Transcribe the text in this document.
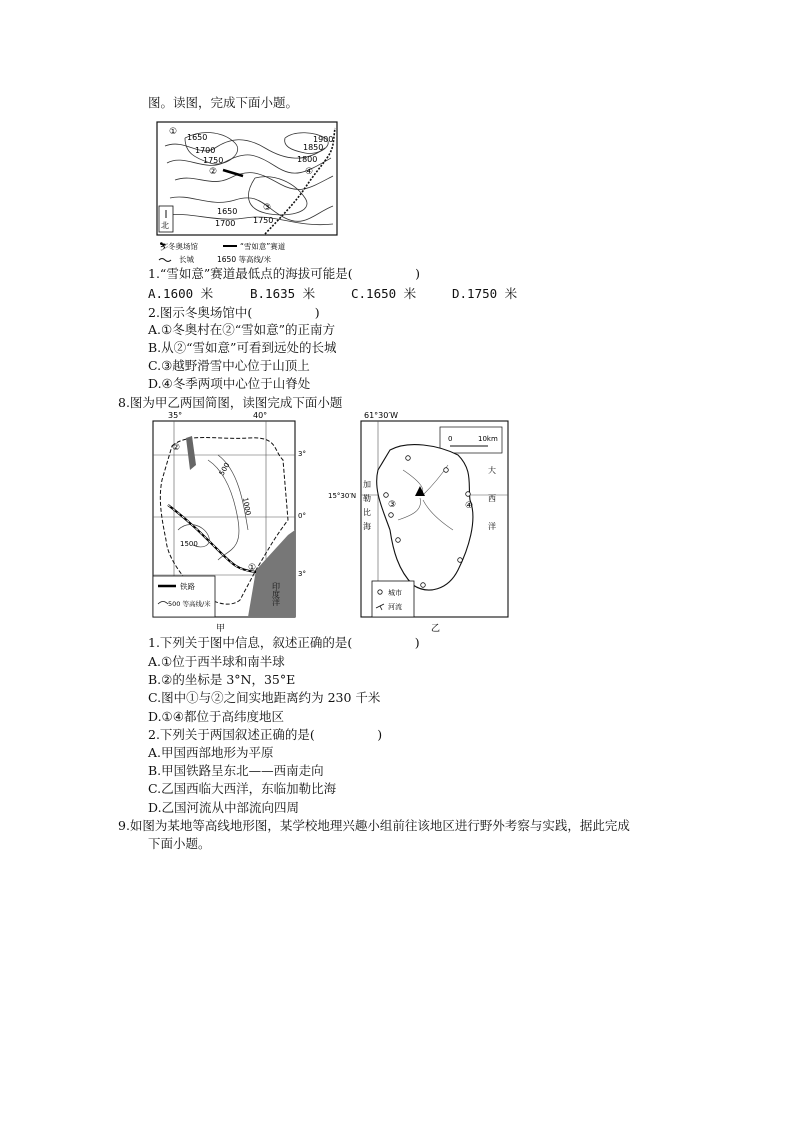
图。读图，完成下面小题。
北
1650
1700
1750
1850
1900
1800
1650
1700 1750
①
②
③
④
⛷
冬奥场馆	“雪如意”赛道
长城	1650 等高线/米
1.“雪如意”赛道最低点的海拔可能是(　　　　　)
A.1600 米	B.1635 米	C.1650 米	D.1750 米
2.图示冬奥场馆中(　　　　　)
A.①冬奥村在②“雪如意”的正南方
B.从②“雪如意”可看到远处的长城
C.③越野滑雪中心位于山顶上
D.④冬季两项中心位于山脊处
8.图为甲乙两国简图，读图完成下面小题
35°	40°
印度洋
500
1000
1500
①
②
3°
0°
3°
铁路
500 等高线/米
甲
61°30′W
15°30′N
0	10km
③	④
加勒比海	大西洋
城市
河流
乙
1.下列关于图中信息，叙述正确的是(　　　　　)
A.①位于西半球和南半球
B.②的坐标是 3°N，35°E
C.图中①与②之间实地距离约为 230 千米
D.①④都位于高纬度地区
2.下列关于两国叙述正确的是(　　　　　)
A.甲国西部地形为平原
B.甲国铁路呈东北——西南走向
C.乙国西临大西洋，东临加勒比海
D.乙国河流从中部流向四周
9.如图为某地等高线地形图，某学校地理兴趣小组前往该地区进行野外考察与实践，据此完成
下面小题。
